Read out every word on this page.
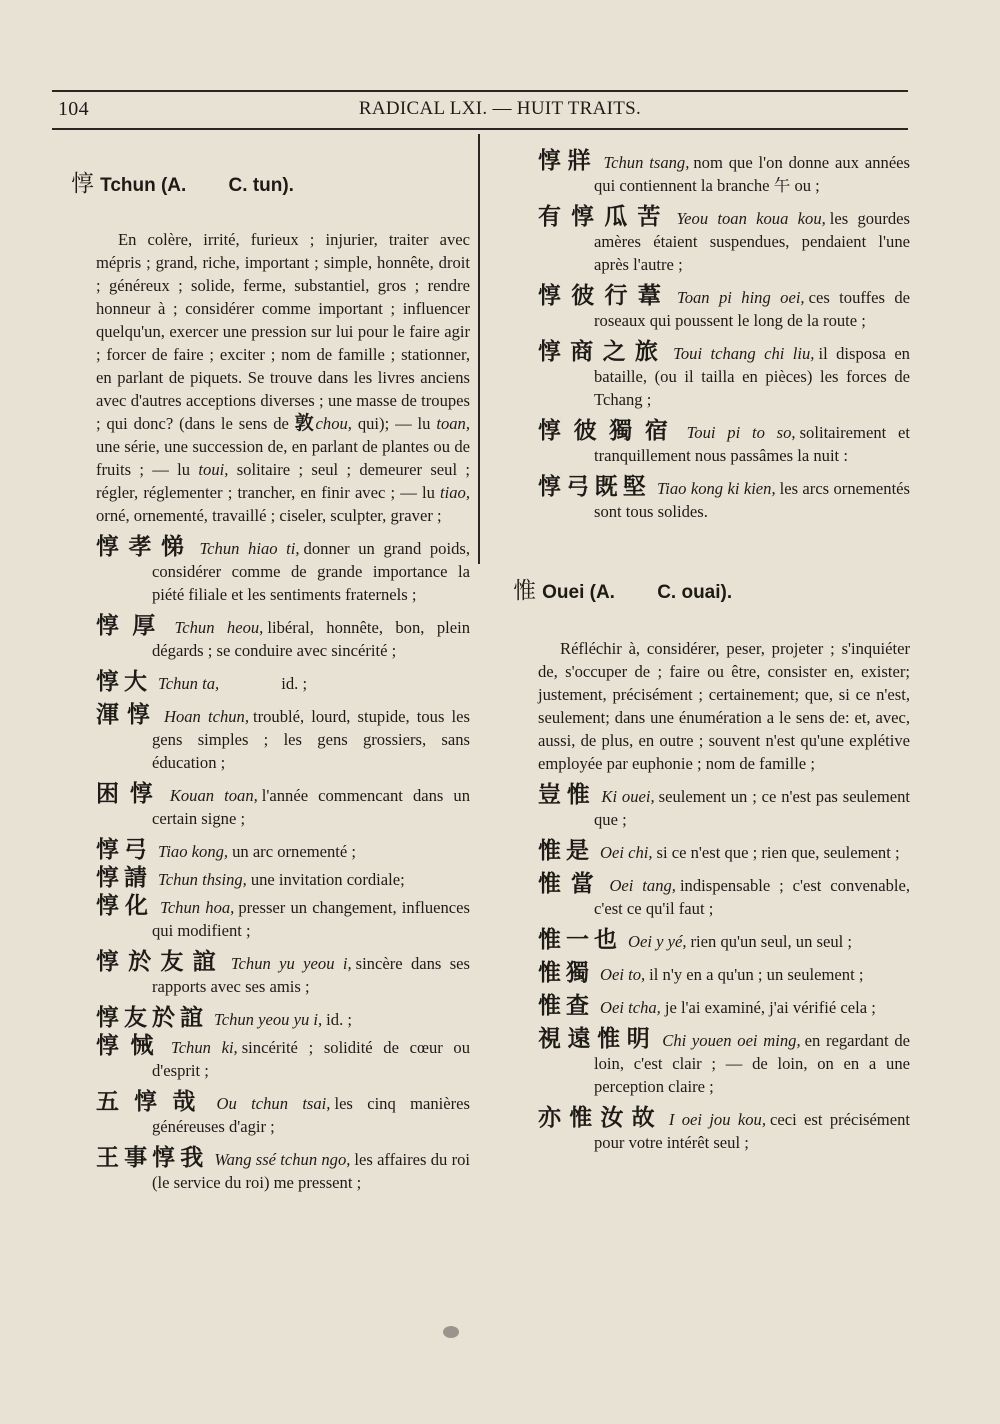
104	RADICAL LXI. — HUIT TRAITS.

惇 Tchun (A.        C. tun).

En colère, irrité, furieux ; injurier, traiter avec mépris ; grand, riche, important ; simple, honnête, droit ; généreux ; solide, ferme, substantiel, gros ; rendre honneur à ; considérer comme important ; influencer quelqu'un, exercer une pression sur lui pour le faire agir ; forcer de faire ; exciter ; nom de famille ; stationner, en parlant de piquets. Se trouve dans les livres anciens avec d'autres acceptions diverses ; une masse de troupes ; qui donc? (dans le sens de 敦chou, qui); — lu toan, une série, une succession de, en parlant de plantes ou de fruits ; — lu toui, solitaire ; seul ; demeurer seul ; régler, réglementer ; trancher, en finir avec ; — lu tiao, orné, ornementé, travaillé ; ciseler, sculpter, graver ;
惇孝悌 Tchun hiao ti, donner un grand poids, considérer comme de grande importance la piété filiale et les sentiments fraternels ;
惇厚 Tchun heou, libéral, honnête, bon, plein dégards ; se conduire avec sincérité ;
惇大 Tchun ta,              id. ;
渾惇 Hoan tchun, troublé, lourd, stupide, tous les gens simples ; les gens grossiers, sans éducation ;
困惇 Kouan toan, l'année commencant dans un certain signe ;
惇弓 Tiao kong, un arc ornementé ;
惇請 Tchun thsing, une invitation cordiale;
惇化 Tchun hoa, presser un changement, influences qui modifient ;
惇於友誼 Tchun yu yeou i, sincère dans ses rapports avec ses amis ;
惇友於誼 Tchun yeou yu i, id. ;
惇悈 Tchun ki, sincérité ; solidité de cœur ou d'esprit ;
五惇哉 Ou tchun tsai, les cinq manières généreuses d'agir ;
王事惇我 Wang ssé tchun ngo, les affaires du roi (le service du roi) me pressent ;
惇牂 Tchun tsang, nom que l'on donne aux années qui contiennent la branche 午 ou ;
有惇瓜苦 Yeou toan koua kou, les gourdes amères étaient suspendues, pendaient l'une après l'autre ;
惇彼行葦 Toan pi hing oei, ces touffes de roseaux qui poussent le long de la route ;
惇商之旅 Toui tchang chi liu, il disposa en bataille, (ou il tailla en pièces) les forces de Tchang ;
惇彼獨宿 Toui pi to so, solitairement et tranquillement nous passâmes la nuit :
惇弓既堅 Tiao kong ki kien, les arcs ornementés sont tous solides.

惟 Ouei (A.        C. ouai).

Réfléchir à, considérer, peser, projeter ; s'inquiéter de, s'occuper de ; faire ou être, consister en, exister; justement, précisément ; certainement; que, si ce n'est, seulement; dans une énumération a le sens de: et, avec, aussi, de plus, en outre ; souvent n'est qu'une explétive employée par euphonie ; nom de famille ;
豈惟 Ki ouei, seulement un ; ce n'est pas seulement que ;
惟是 Oei chi, si ce n'est que ; rien que, seulement ;
惟當 Oei tang, indispensable ; c'est convenable, c'est ce qu'il faut ;
惟一也 Oei y yé, rien qu'un seul, un seul ;
惟獨 Oei to, il n'y en a qu'un ; un seulement ;
惟查 Oei tcha, je l'ai examiné, j'ai vérifié cela ;
視遠惟明 Chi youen oei ming, en regardant de loin, c'est clair ; — de loin, on en a une perception claire ;
亦惟汝故 I oei jou kou, ceci est précisément pour votre intérêt seul ;
